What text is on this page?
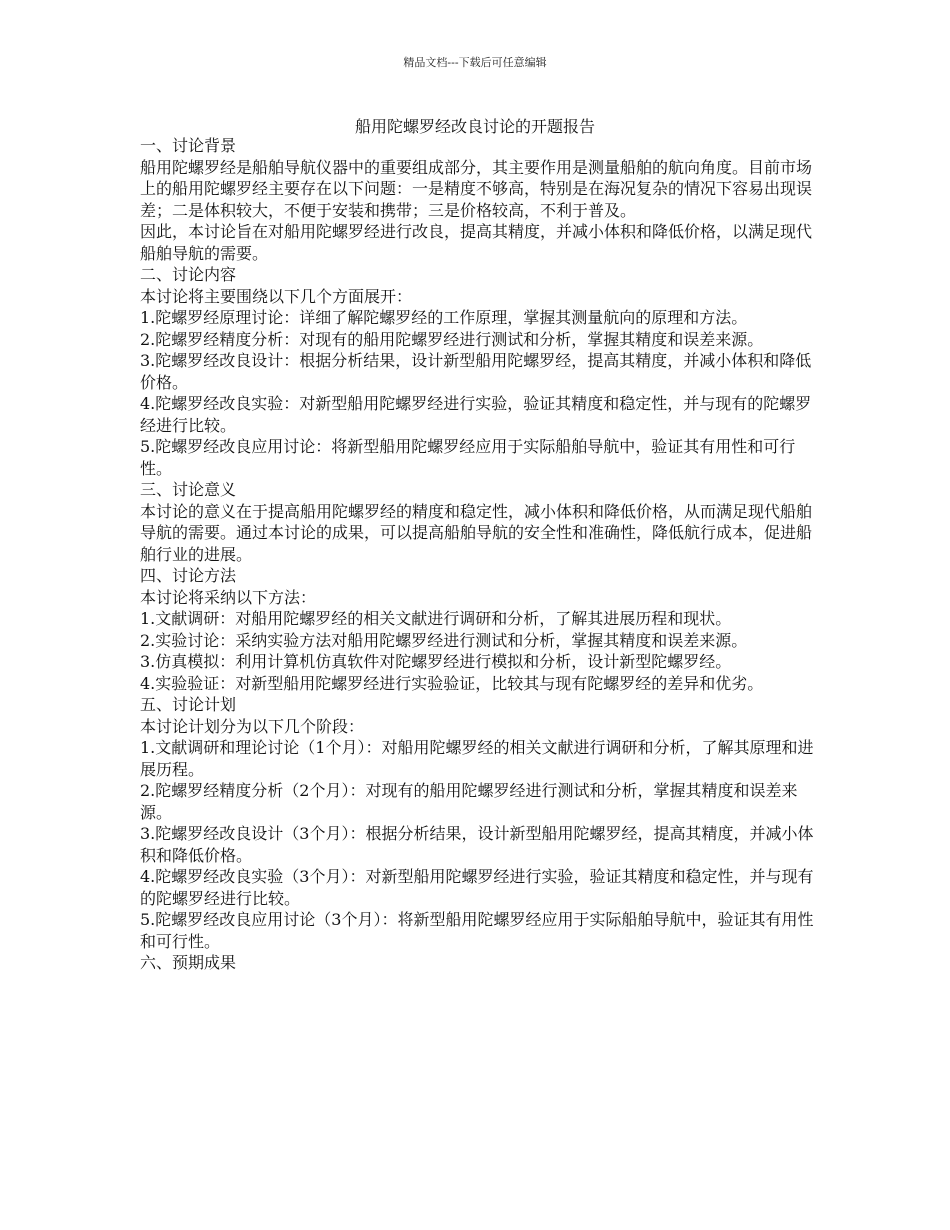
精品文档---下载后可任意编辑
船用陀螺罗经改良讨论的开题报告

一、讨论背景

船用陀螺罗经是船舶导航仪器中的重要组成部分，其主要作用是测量船舶的航向角度。目前市场上的船用陀螺罗经主要存在以下问题：一是精度不够高，特别是在海况复杂的情况下容易出现误差；二是体积较大，不便于安装和携带；三是价格较高，不利于普及。

因此，本讨论旨在对船用陀螺罗经进行改良，提高其精度，并减小体积和降低价格，以满足现代船舶导航的需要。

二、讨论内容

本讨论将主要围绕以下几个方面展开：

1.陀螺罗经原理讨论：详细了解陀螺罗经的工作原理，掌握其测量航向的原理和方法。

2.陀螺罗经精度分析：对现有的船用陀螺罗经进行测试和分析，掌握其精度和误差来源。

3.陀螺罗经改良设计：根据分析结果，设计新型船用陀螺罗经，提高其精度，并减小体积和降低价格。

4.陀螺罗经改良实验：对新型船用陀螺罗经进行实验，验证其精度和稳定性，并与现有的陀螺罗经进行比较。

5.陀螺罗经改良应用讨论：将新型船用陀螺罗经应用于实际船舶导航中，验证其有用性和可行性。

三、讨论意义

本讨论的意义在于提高船用陀螺罗经的精度和稳定性，减小体积和降低价格，从而满足现代船舶导航的需要。通过本讨论的成果，可以提高船舶导航的安全性和准确性，降低航行成本，促进船舶行业的进展。

四、讨论方法

本讨论将采纳以下方法：

1.文献调研：对船用陀螺罗经的相关文献进行调研和分析，了解其进展历程和现状。

2.实验讨论：采纳实验方法对船用陀螺罗经进行测试和分析，掌握其精度和误差来源。

3.仿真模拟：利用计算机仿真软件对陀螺罗经进行模拟和分析，设计新型陀螺罗经。

4.实验验证：对新型船用陀螺罗经进行实验验证，比较其与现有陀螺罗经的差异和优劣。

五、讨论计划

本讨论计划分为以下几个阶段：

1.文献调研和理论讨论（1个月）：对船用陀螺罗经的相关文献进行调研和分析，了解其原理和进展历程。

2.陀螺罗经精度分析（2个月）：对现有的船用陀螺罗经进行测试和分析，掌握其精度和误差来源。

3.陀螺罗经改良设计（3个月）：根据分析结果，设计新型船用陀螺罗经，提高其精度，并减小体积和降低价格。

4.陀螺罗经改良实验（3个月）：对新型船用陀螺罗经进行实验，验证其精度和稳定性，并与现有的陀螺罗经进行比较。

5.陀螺罗经改良应用讨论（3个月）：将新型船用陀螺罗经应用于实际船舶导航中，验证其有用性和可行性。

六、预期成果
